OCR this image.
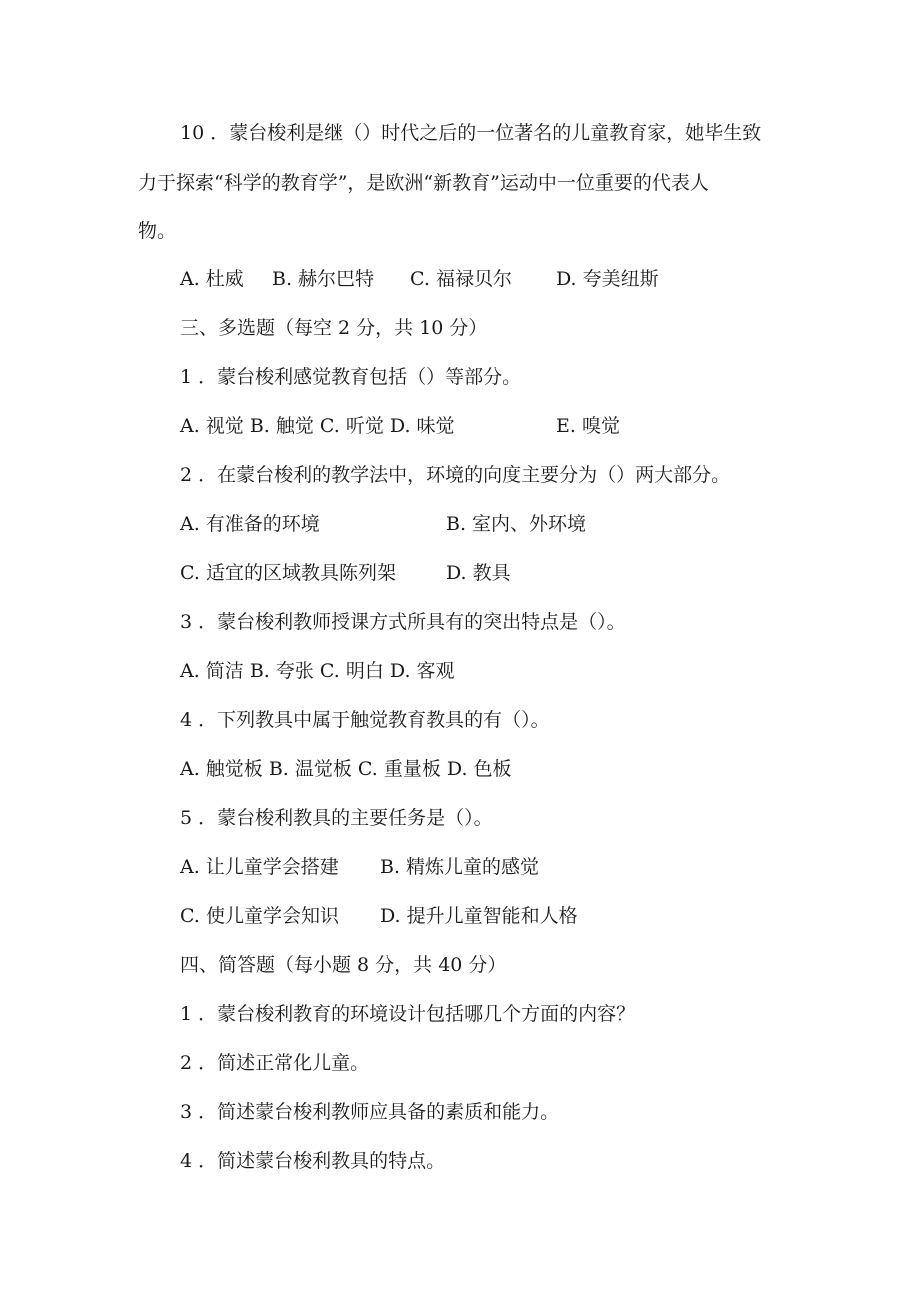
10 ．蒙台梭利是继（）时代之后的一位著名的儿童教育家，她毕生致
力于探索“科学的教育学”，是欧洲“新教育”运动中一位重要的代表人
物。

A. 杜威

B. 赫尔巴特

C. 福禄贝尔

D. 夸美纽斯

三、多选题（每空 2 分，共 10 分）
1 ．蒙台梭利感觉教育包括（）等部分。

A. 视觉 B. 触觉 C. 听觉 D. 味觉

	E. 嗅觉

2 ．在蒙台梭利的教学法中，环境的向度主要分为（）两大部分。

A. 有准备的环境

	B. 室内、外环境

C. 适宜的区域教具陈列架

	D. 教具

3 ．蒙台梭利教师授课方式所具有的突出特点是（）。
A. 简洁 B. 夸张 C. 明白 D. 客观
4 ．下列教具中属于触觉教育教具的有（）。
A. 触觉板 B. 温觉板 C. 重量板 D. 色板
5 ．蒙台梭利教具的主要任务是（）。

A. 让儿童学会搭建

B. 精炼儿童的感觉

C. 使儿童学会知识

D. 提升儿童智能和人格

四、简答题（每小题 8 分，共 40 分）
1 ．蒙台梭利教育的环境设计包括哪几个方面的内容？
2 ．简述正常化儿童。
3 ．简述蒙台梭利教师应具备的素质和能力。
4 ．简述蒙台梭利教具的特点。
